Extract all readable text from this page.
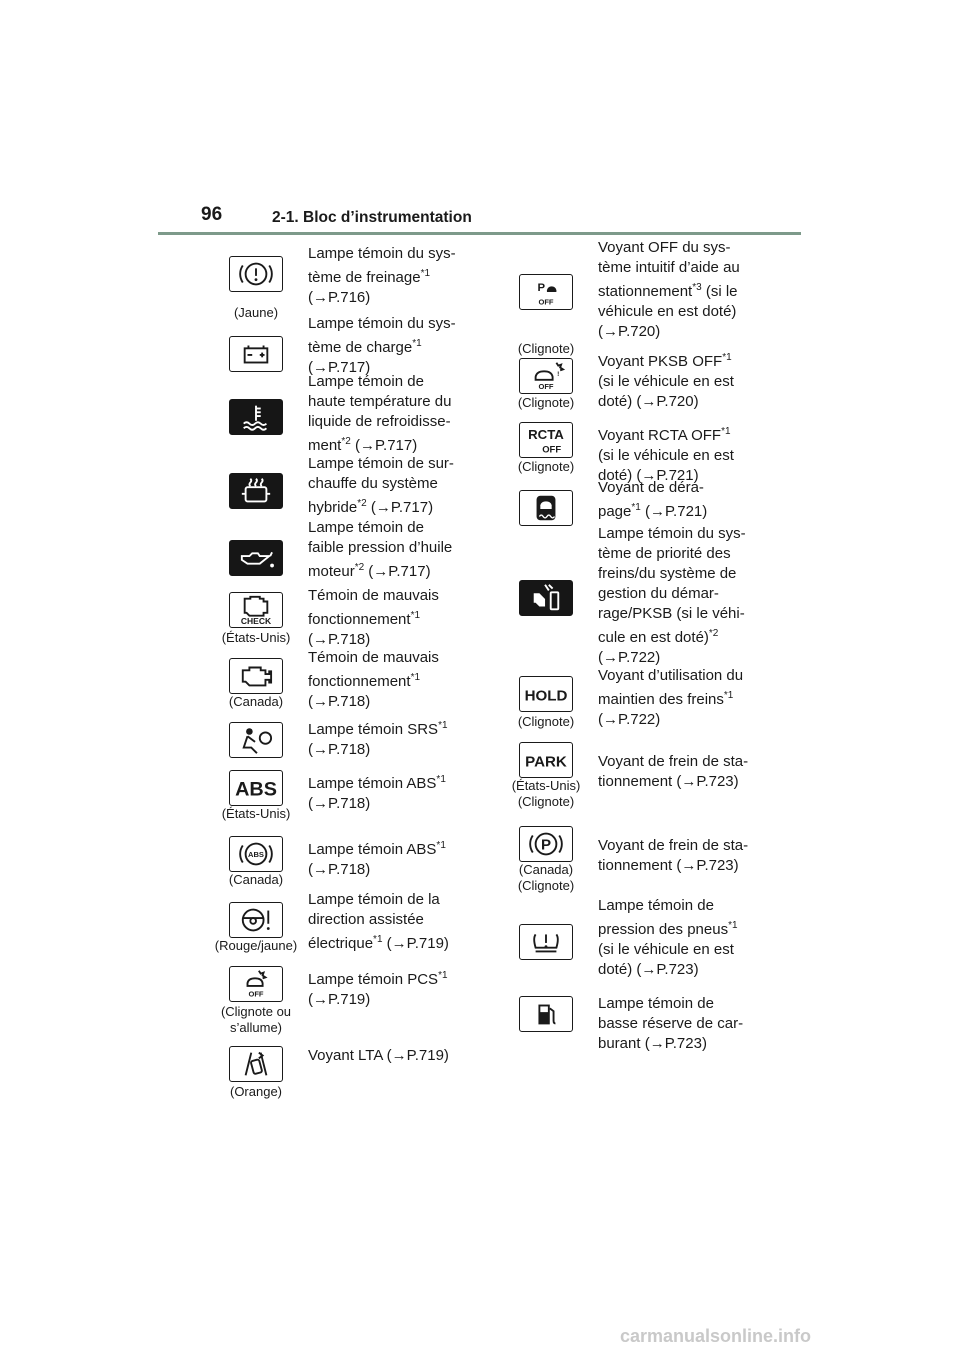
96	2-1. Bloc d’instrumentation
(Jaune)
Lampe témoin du sys-
tème de freinage$^{*1}$
(→P.716)
Lampe témoin du sys-
tème de charge$^{*1}$
(→P.717)
Lampe témoin de
haute température du
liquide de refroidisse-
ment$^{*2}$ (→P.717)
Lampe témoin de sur-
chauffe du système
hybride$^{*2}$ (→P.717)
Lampe témoin de
faible pression d’huile
moteur$^{*2}$ (→P.717)
CHECK
(États-Unis)
Témoin de mauvais
fonctionnement$^{*1}$
(→P.718)
(Canada)
Témoin de mauvais
fonctionnement$^{*1}$
(→P.718)
Lampe témoin SRS$^{*1}$
(→P.718)
ABS
(États-Unis)
Lampe témoin ABS$^{*1}$
(→P.718)
ABS
(Canada)
Lampe témoin ABS$^{*1}$
(→P.718)
(Rouge/jaune)
Lampe témoin de la
direction assistée
électrique$^{*1}$ (→P.719)
OFF
(Clignote ou
s’allume)
Lampe témoin PCS$^{*1}$
(→P.719)
(Orange)
Voyant LTA (→P.719)
P
OFF
(Clignote)
Voyant OFF du sys-
tème intuitif d’aide au
stationnement$^{*3}$ (si le
véhicule en est doté)
(→P.720)
!
OFF
(Clignote)
Voyant PKSB OFF$^{*1}$
(si le véhicule en est
doté) (→P.720)
RCTA
OFF
(Clignote)
Voyant RCTA OFF$^{*1}$
(si le véhicule en est
doté) (→P.721)
Voyant de déra-
page$^{*1}$ (→P.721)
Lampe témoin du sys-
tème de priorité des
freins/du système de
gestion du démar-
rage/PKSB (si le véhi-
cule en est doté)$^{*2}$
(→P.722)
HOLD
(Clignote)
Voyant d’utilisation du
maintien des freins$^{*1}$
(→P.722)
PARK
(États-Unis)
(Clignote)
Voyant de frein de sta-
tionnement (→P.723)
P
(Canada)
(Clignote)
Voyant de frein de sta-
tionnement (→P.723)
Lampe témoin de
pression des pneus$^{*1}$
(si le véhicule en est
doté) (→P.723)
Lampe témoin de
basse réserve de car-
burant (→P.723)
carmanualsonline.info
